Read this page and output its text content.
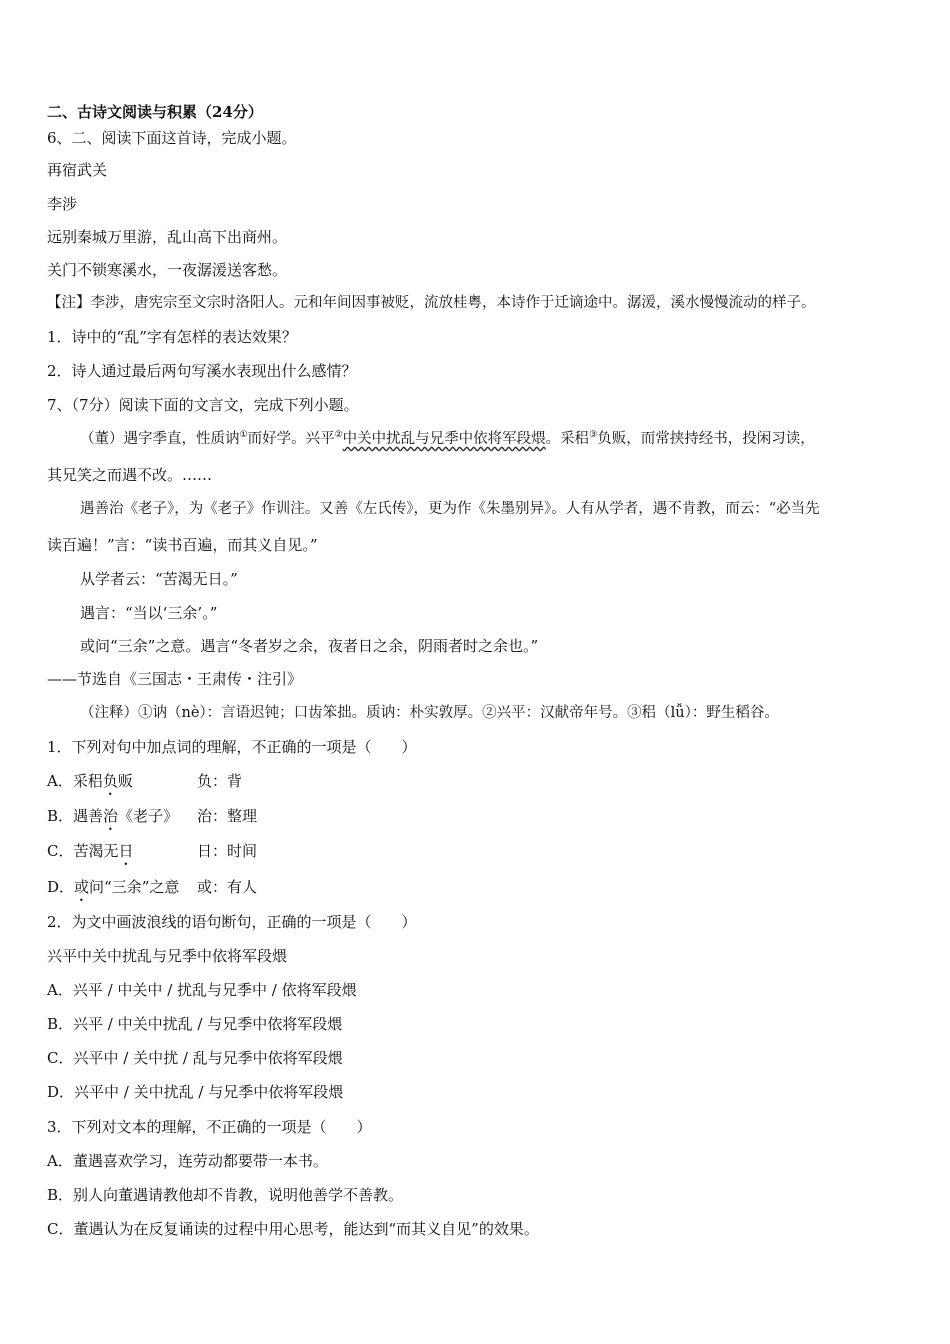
二、古诗文阅读与积累（24分）
6、二、阅读下面这首诗，完成小题。
再宿武关
李涉
远别秦城万里游，乱山高下出商州。
关门不锁寒溪水，一夜潺湲送客愁。
【注】李涉，唐宪宗至文宗时洛阳人。元和年间因事被贬，流放桂粤，本诗作于迁谪途中。潺湲，溪水慢慢流动的样子。
1．诗中的“乱”字有怎样的表达效果？
2．诗人通过最后两句写溪水表现出什么感情？
7、（7分）阅读下面的文言文，完成下列小题。
（董）遇字季直，性质讷①而好学。兴平②中关中扰乱与兄季中依将军段煨。采稆③负贩，而常挟持经书，投闲习读，
其兄笑之而遇不改。……
遇善治《老子》，为《老子》作训注。又善《左氏传》，更为作《朱墨别异》。人有从学者，遇不肯教，而云：“必当先
读百遍！”言：“读书百遍，而其义自见。”
从学者云：“苦渴无日。”
遇言：“当以‘三余’。”
或问“三余”之意。遇言“冬者岁之余，夜者日之余，阴雨者时之余也。”
——节选自《三国志・王肃传・注引》
（注释）①讷（nè）：言语迟钝；口齿笨拙。质讷：朴实敦厚。②兴平：汉献帝年号。③稆（lǚ）：野生稻谷。
1．下列对句中加点词的理解，不正确的一项是（　　）
A．采稆负贩	负：背
B．遇善治《老子》 治：整理
C．苦渴无日	日：时间
D．或问“三余”之意 或：有人
2．为文中画波浪线的语句断句，正确的一项是（　　）
兴平中关中扰乱与兄季中依将军段煨
A．兴平 / 中关中 / 扰乱与兄季中 / 依将军段煨
B．兴平 / 中关中扰乱 / 与兄季中依将军段煨
C．兴平中 / 关中扰 / 乱与兄季中依将军段煨
D．兴平中 / 关中扰乱 / 与兄季中依将军段煨
3．下列对文本的理解，不正确的一项是（　　）
A．董遇喜欢学习，连劳动都要带一本书。
B．别人向董遇请教他却不肯教，说明他善学不善教。
C．董遇认为在反复诵读的过程中用心思考，能达到“而其义自见”的效果。
